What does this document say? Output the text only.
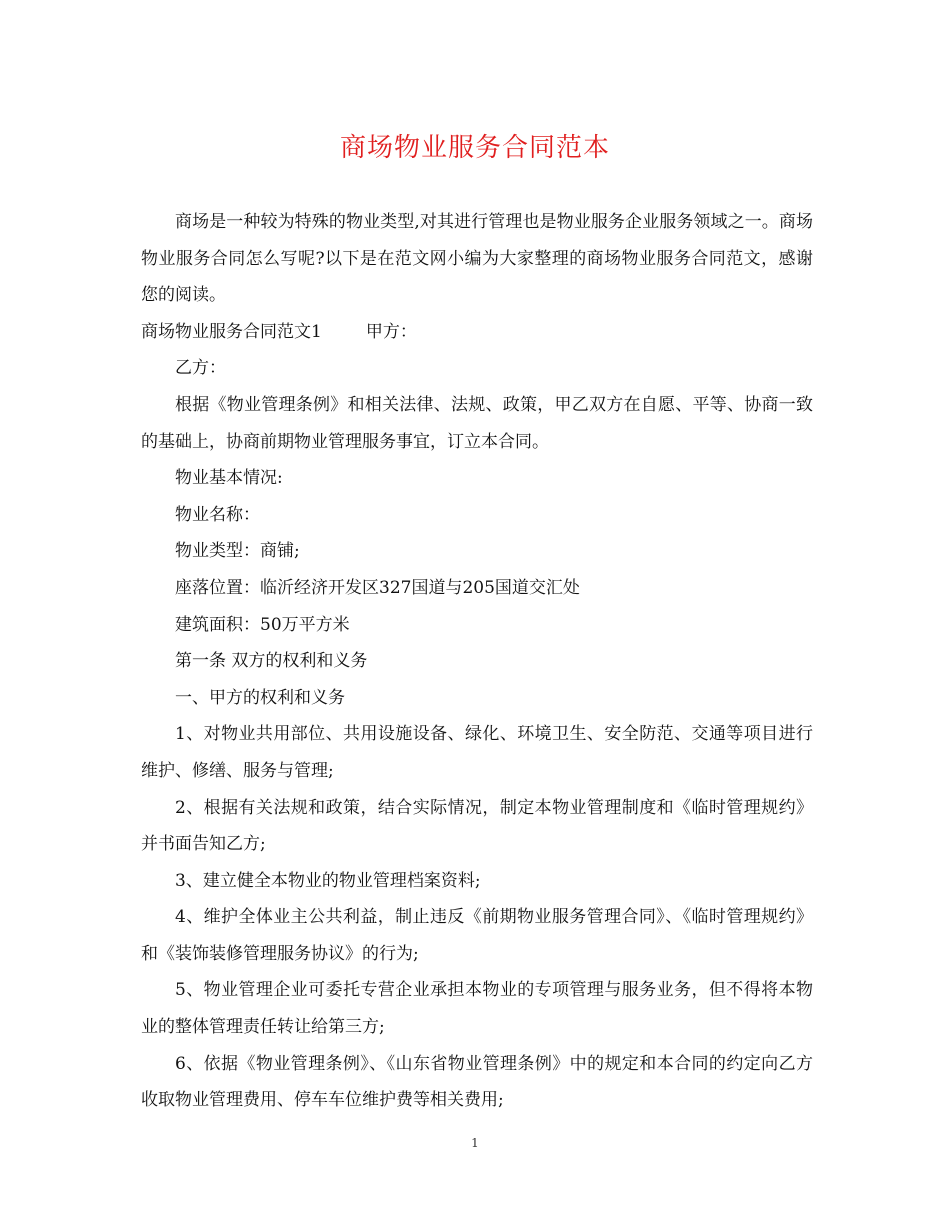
商场物业服务合同范本

商场是一种较为特殊的物业类型,对其进行管理也是物业服务企业服务领域之一。商场物业服务合同怎么写呢?以下是在范文网小编为大家整理的商场物业服务合同范文，感谢您的阅读。

商场物业服务合同范文1	甲方：

乙方：

根据《物业管理条例》和相关法律、法规、政策，甲乙双方在自愿、平等、协商一致的基础上，协商前期物业管理服务事宜，订立本合同。

物业基本情况:

物业名称：

物业类型：商铺;

座落位置：临沂经济开发区327国道与205国道交汇处

建筑面积：50万平方米

第一条 双方的权利和义务

一、甲方的权利和义务

1、对物业共用部位、共用设施设备、绿化、环境卫生、安全防范、交通等项目进行维护、修缮、服务与管理;

2、根据有关法规和政策，结合实际情况，制定本物业管理制度和《临时管理规约》并书面告知乙方;

3、建立健全本物业的物业管理档案资料;

4、维护全体业主公共利益，制止违反《前期物业服务管理合同》、《临时管理规约》和《装饰装修管理服务协议》的行为;

5、物业管理企业可委托专营企业承担本物业的专项管理与服务业务，但不得将本物业的整体管理责任转让给第三方;

6、依据《物业管理条例》、《山东省物业管理条例》中的规定和本合同的约定向乙方收取物业管理费用、停车车位维护费等相关费用;

1
